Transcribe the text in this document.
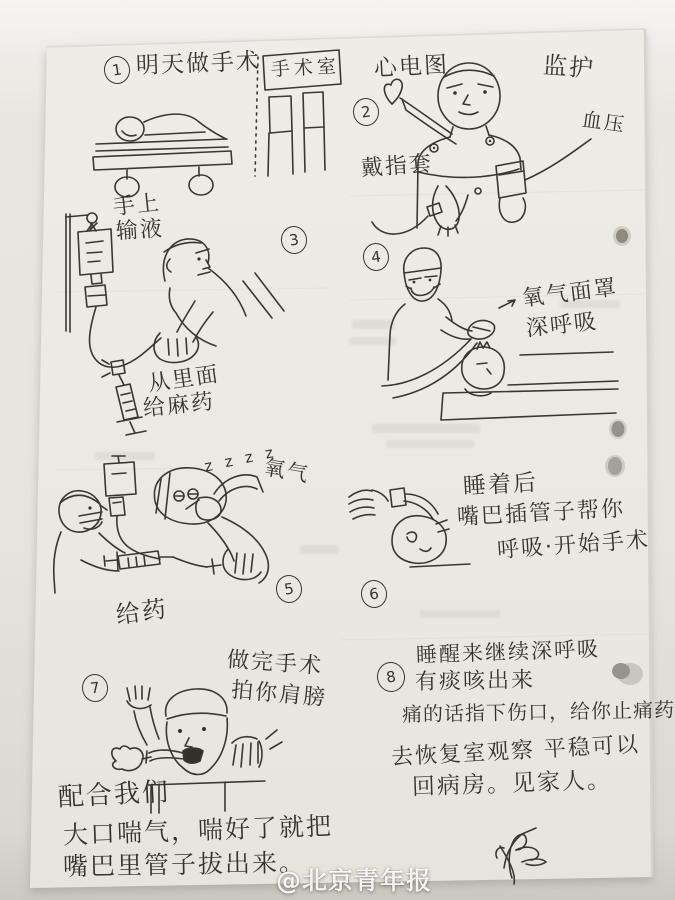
1 明天做手术 手术室
2
心电图	监护
血压
戴指套
3
手上
输液
从里面
给麻药
4
氧气面罩
深呼吸
5
z z z z
氧气
给药
6
睡着后
嘴巴插管子帮你
呼吸·开始手术
7
做完手术
拍你肩膀
配合我们
大口喘气，喘好了就把
嘴巴里管子拔出来。
8
睡醒来继续深呼吸
有痰咳出来
痛的话指下伤口，给你止痛药
去恢复室观察 平稳可以
回病房。见家人。
@北京青年报
